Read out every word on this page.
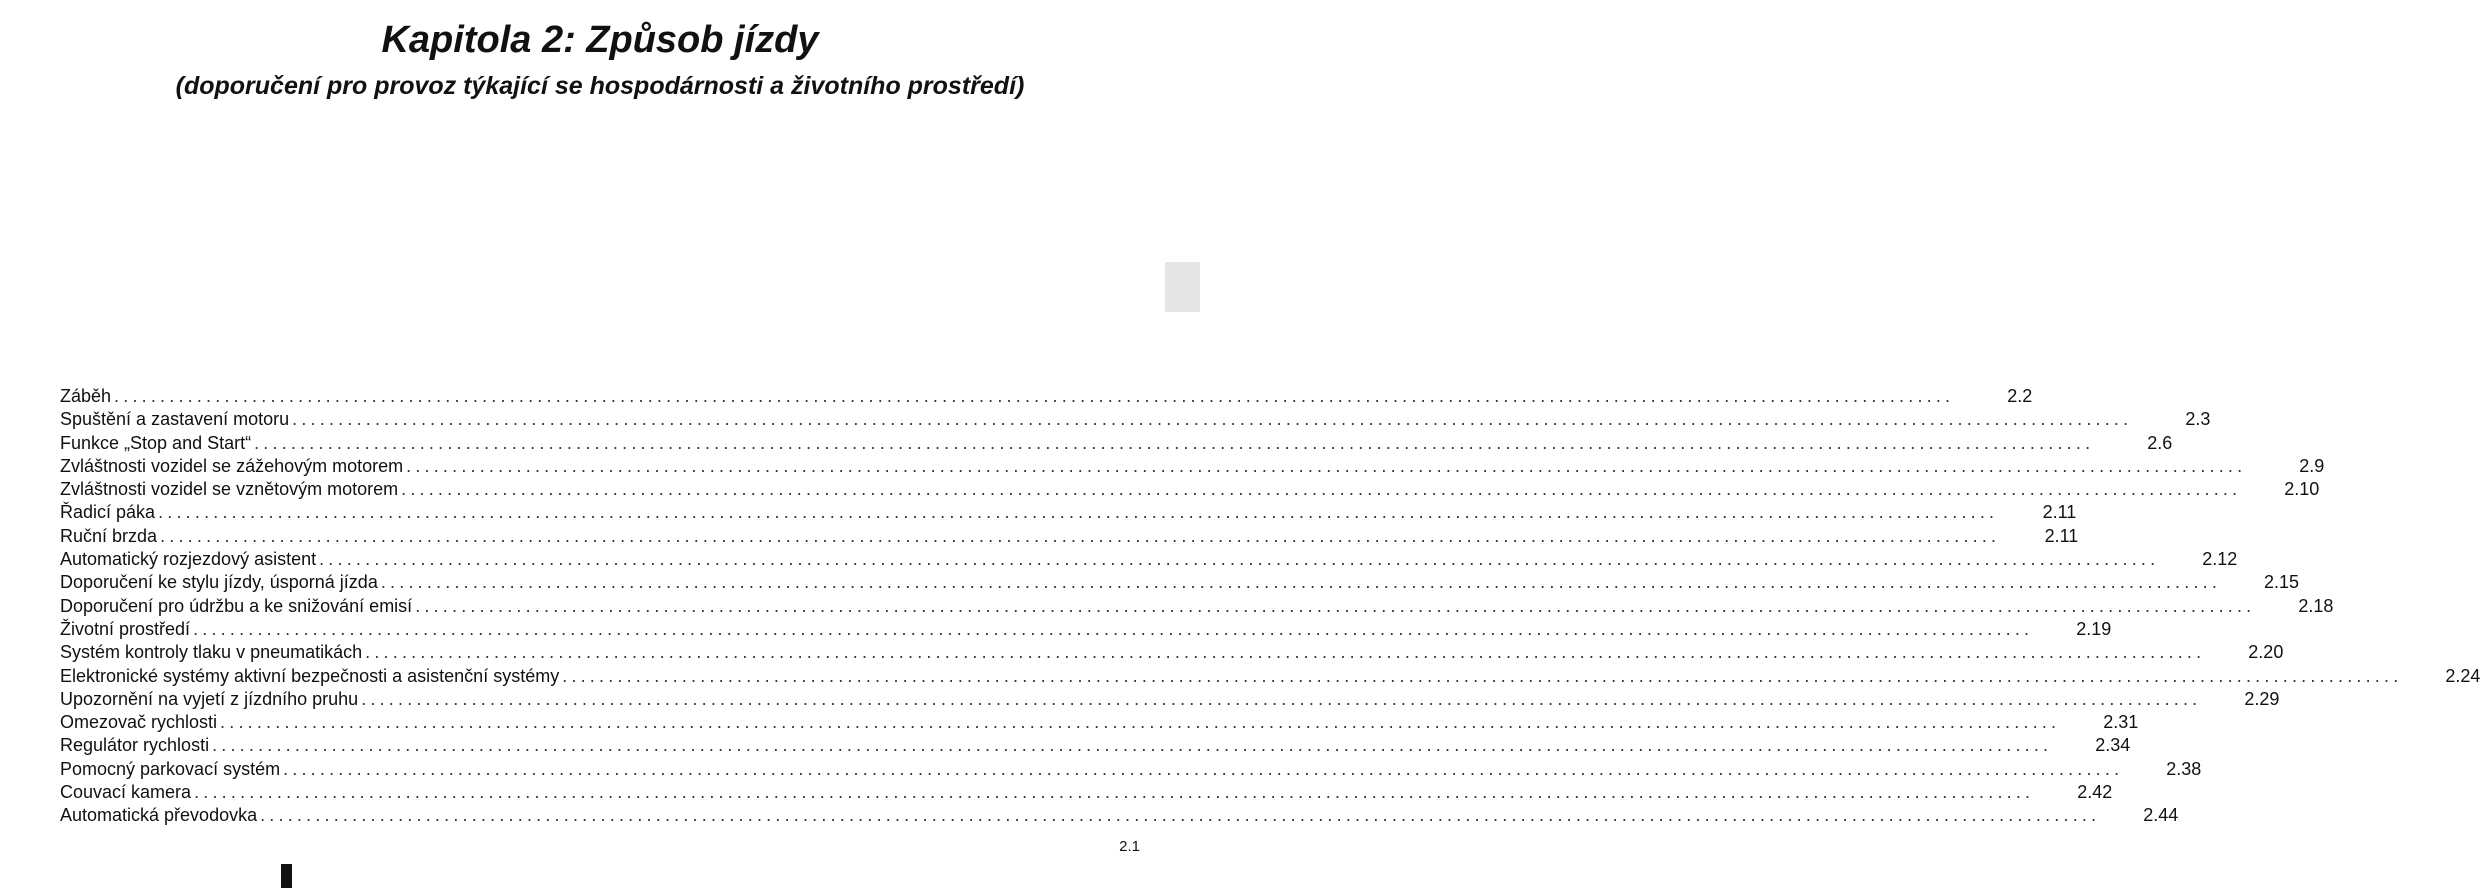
Kapitola 2: Způsob jízdy
(doporučení pro provoz týkající se hospodárnosti a životního prostředí)
Záběh ........................................................................................................................................................................................................	2.2
Spuštění a zastavení motoru ........................................................................................................................................................................................................	2.3
Funkce „Stop and Start“ ........................................................................................................................................................................................................	2.6
Zvláštnosti vozidel se zážehovým motorem ........................................................................................................................................................................................................	2.9
Zvláštnosti vozidel se vznětovým motorem ........................................................................................................................................................................................................	2.10
Řadicí páka ........................................................................................................................................................................................................	2.11
Ruční brzda ........................................................................................................................................................................................................	2.11
Automatický rozjezdový asistent ........................................................................................................................................................................................................	2.12
Doporučení ke stylu jízdy, úsporná jízda ........................................................................................................................................................................................................	2.15
Doporučení pro údržbu a ke snižování emisí ........................................................................................................................................................................................................	2.18
Životní prostředí ........................................................................................................................................................................................................	2.19
Systém kontroly tlaku v pneumatikách ........................................................................................................................................................................................................	2.20
Elektronické systémy aktivní bezpečnosti a asistenční systémy ........................................................................................................................................................................................................	2.24
Upozornění na vyjetí z jízdního pruhu ........................................................................................................................................................................................................	2.29
Omezovač rychlosti ........................................................................................................................................................................................................	2.31
Regulátor rychlosti ........................................................................................................................................................................................................	2.34
Pomocný parkovací systém ........................................................................................................................................................................................................	2.38
Couvací kamera ........................................................................................................................................................................................................	2.42
Automatická převodovka ........................................................................................................................................................................................................	2.44
2.1
